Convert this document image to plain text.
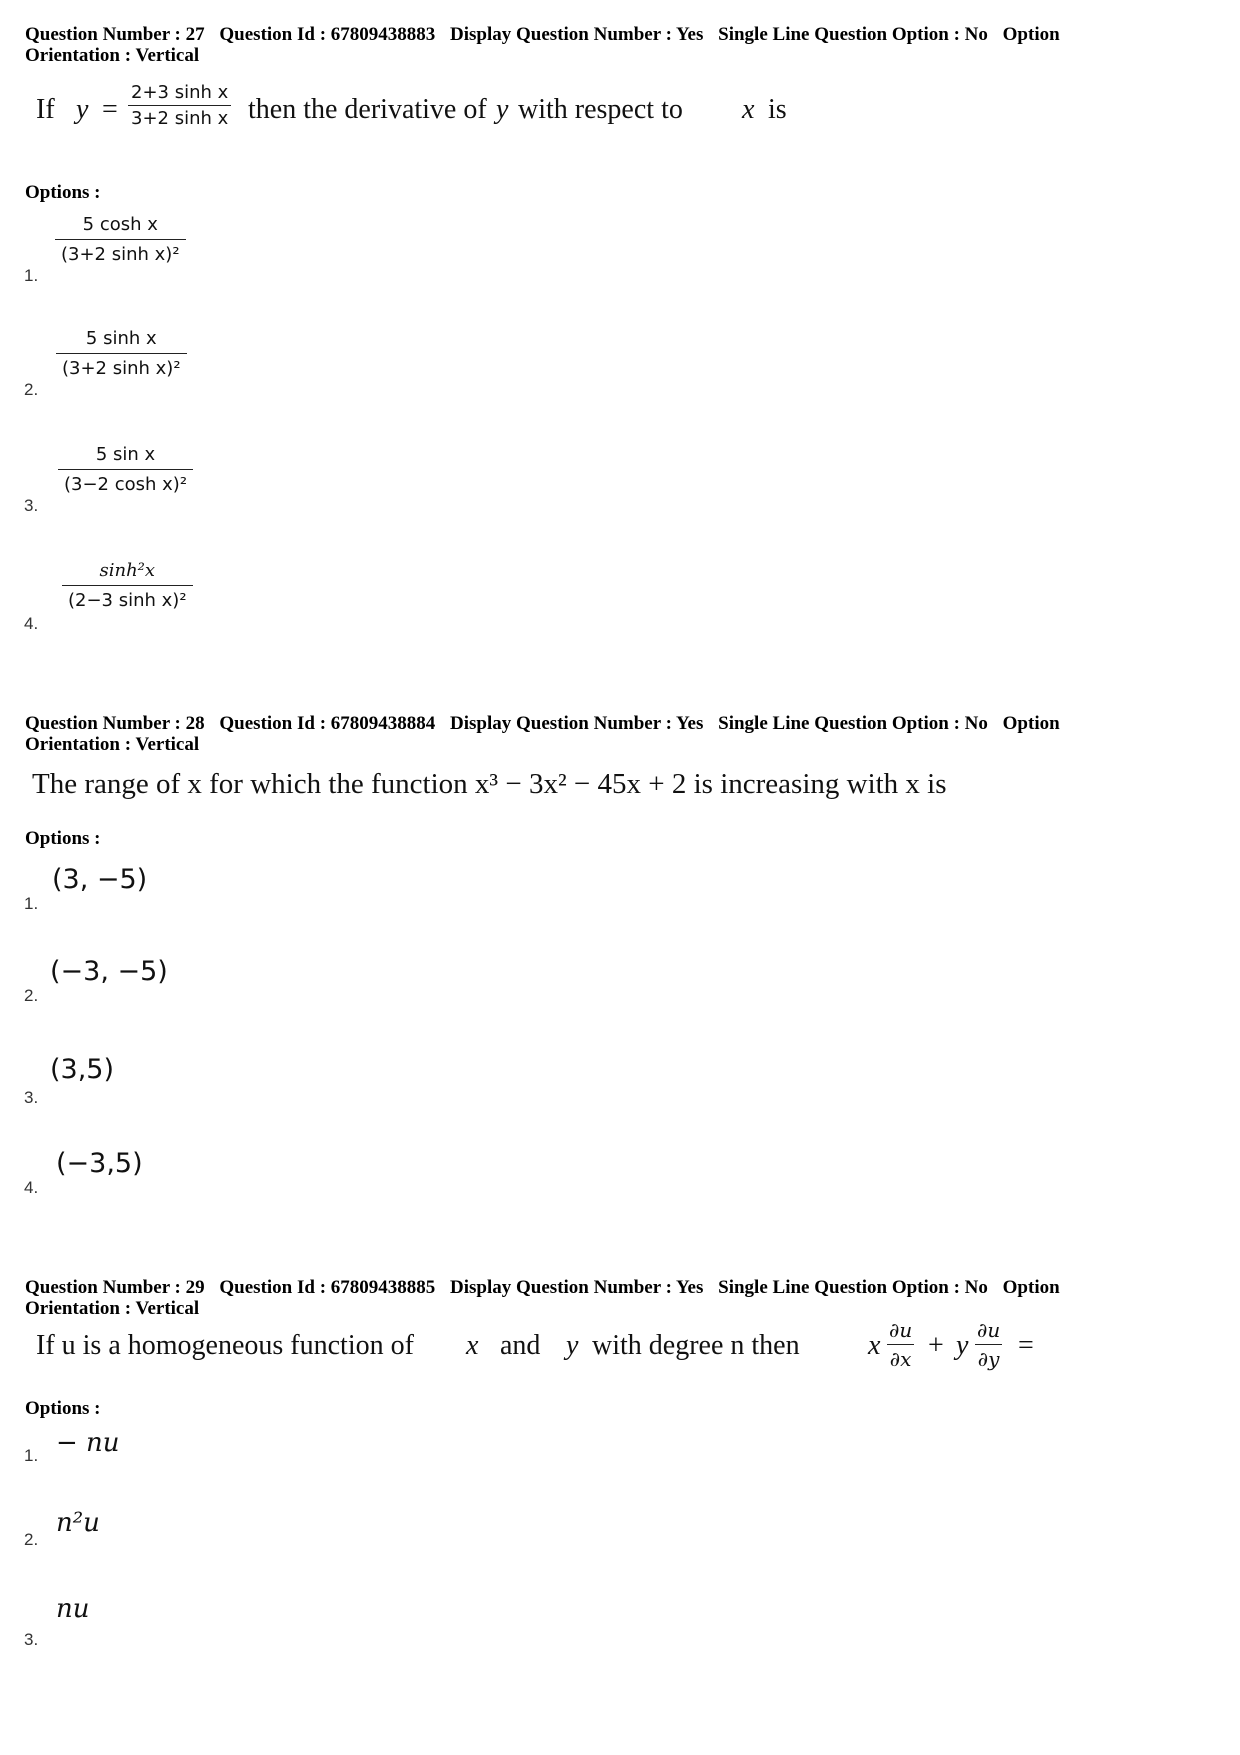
Question Number : 27 Question Id : 67809438883 Display Question Number : Yes Single Line Question Option : No Option
Orientation : Vertical
If $y = \frac{\text{2+3 sinh x}}{\text{3+2 sinh x}}$ then the derivative of y with respect to x is
Options :
$\frac{\text{5 cosh x}}{\text{(3+2 sinh x)²}}$
1.
$\frac{\text{5 sinh x}}{\text{(3+2 sinh x)²}}$
2.
$\frac{\text{5 sin x}}{\text{(3−2 cosh x)²}}$
3.
$\frac{\text{sinh²x}}{\text{(2−3 sinh x)²}}$
4.
Question Number : 28 Question Id : 67809438884 Display Question Number : Yes Single Line Question Option : No Option
Orientation : Vertical
The range of x for which the function x³ − 3x² − 45x + 2 is increasing with x is
Options :
(3, −5)
1.
(−3, −5)
2.
(3,5)
3.
(−3,5)
4.
Question Number : 29 Question Id : 67809438885 Display Question Number : Yes Single Line Question Option : No Option
Orientation : Vertical
If u is a homogeneous function of x and y with degree n then x $\frac{\partial u}{\partial x} + y \frac{\partial u}{\partial y}$ =
Options :
− nu
1.
n²u
2.
nu
3.
